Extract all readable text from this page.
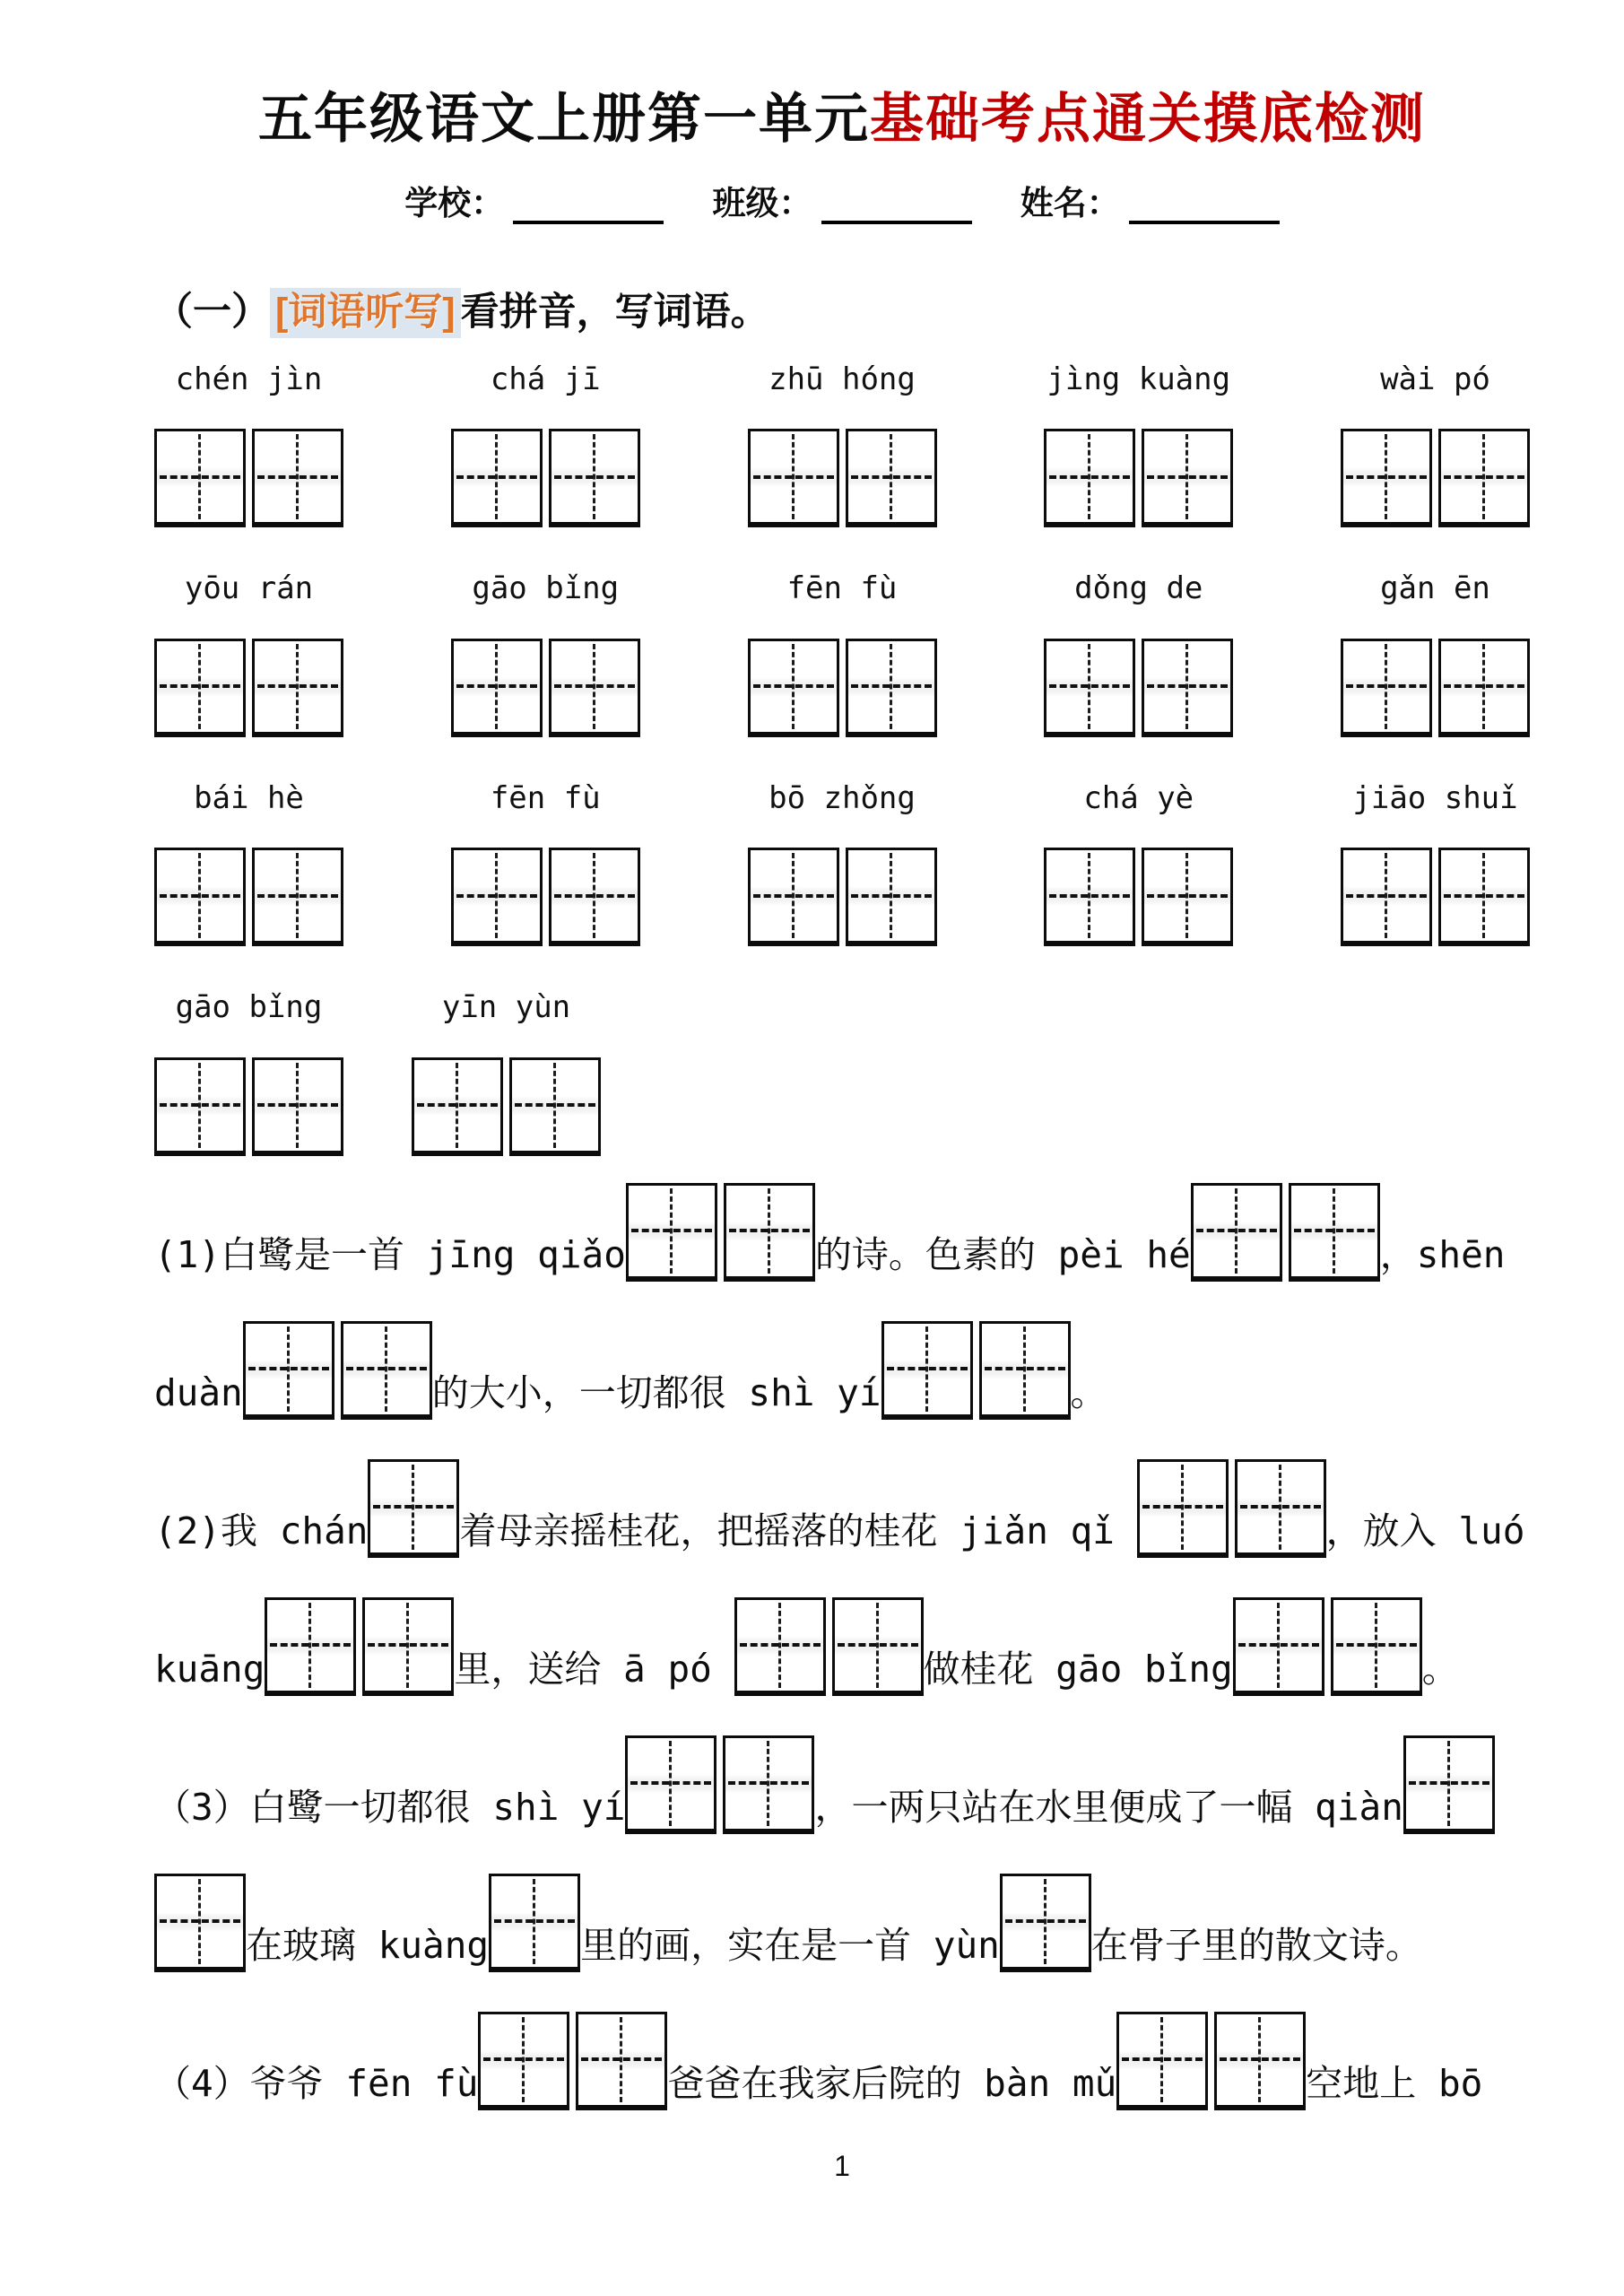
五年级语文上册第一单元基础考点通关摸底检测
学校：	班级：	姓名：
（一） [词语听写] 看拼音，写词语。
chén jìn	chá jī	zhū hóng	jìng kuàng	wài pó
yōu rán	gāo bǐng	fēn fù	dǒng de	gǎn ēn
bái hè	fēn fù	bō zhǒng	chá yè	jiāo shuǐ
gāo bǐng	yīn yùn
(1)白鹭是一首 jīng qiǎo	的诗。色素的 pèi hé	，shēn
duàn	的大小，一切都很 shì yí	。
(2)我 chán 着母亲摇桂花，把摇落的桂花 jiǎn qǐ	，放入 luó
kuāng	里，送给 ā pó	做桂花 gāo bǐng	。
（3）白鹭一切都很 shì yí	，一两只站在水里便成了一幅 qiàn
在玻璃 kuàng 里的画，实在是一首 yùn 在骨子里的散文诗。
（4）爷爷 fēn fù	爸爸在我家后院的 bàn mǔ	空地上 bō
1
